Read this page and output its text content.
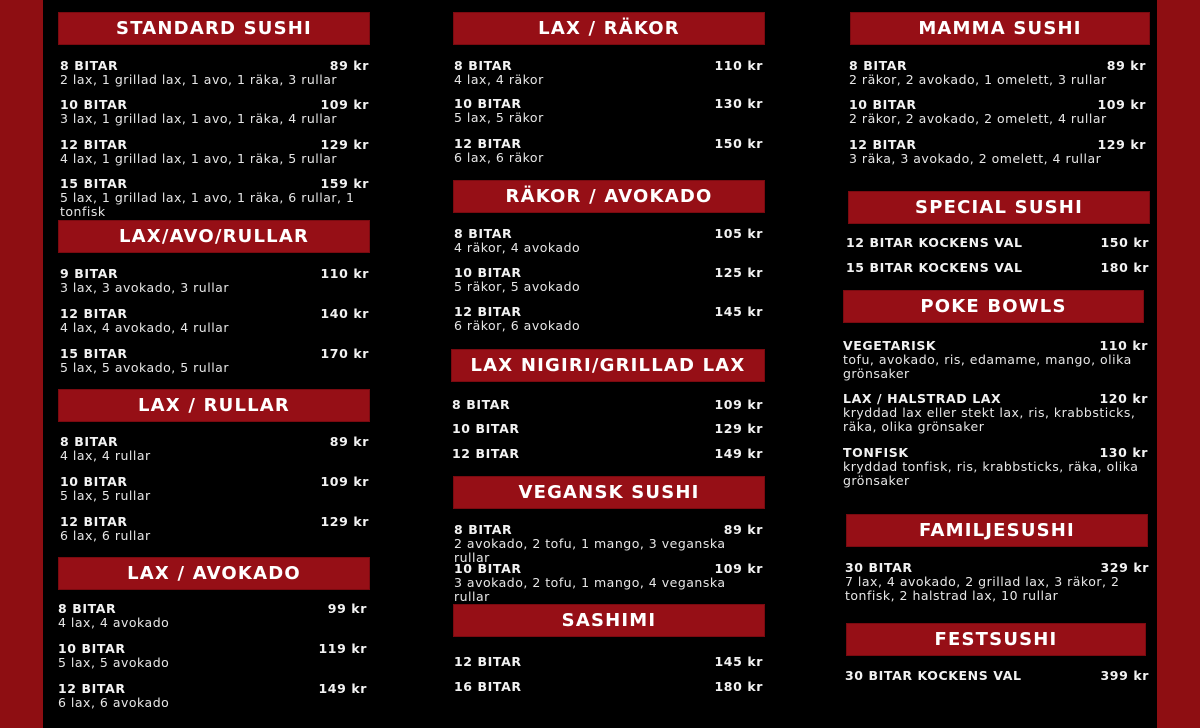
STANDARD SUSHI
8 BITAR	89 kr
2 lax, 1 grillad lax, 1 avo, 1 räka, 3 rullar
10 BITAR	109 kr
3 lax, 1 grillad lax, 1 avo, 1 räka, 4 rullar
12 BITAR	129 kr
4 lax, 1 grillad lax, 1 avo, 1 räka, 5 rullar
15 BITAR	159 kr
5 lax, 1 grillad lax, 1 avo, 1 räka, 6 rullar, 1 tonfisk
LAX/AVO/RULLAR
9 BITAR	110 kr
3 lax, 3 avokado, 3 rullar
12 BITAR	140 kr
4 lax, 4 avokado, 4 rullar
15 BITAR	170 kr
5 lax, 5 avokado, 5 rullar
LAX / RULLAR
8 BITAR	89 kr
4 lax, 4 rullar
10 BITAR	109 kr
5 lax, 5 rullar
12 BITAR	129 kr
6 lax, 6 rullar
LAX / AVOKADO
8 BITAR	99 kr
4 lax, 4 avokado
10 BITAR	119 kr
5 lax, 5 avokado
12 BITAR	149 kr
6 lax, 6 avokado
LAX / RÄKOR
8 BITAR	110 kr
4 lax, 4 räkor
10 BITAR	130 kr
5 lax, 5 räkor
12 BITAR	150 kr
6 lax, 6 räkor
RÄKOR / AVOKADO
8 BITAR	105 kr
4 räkor, 4 avokado
10 BITAR	125 kr
5 räkor, 5 avokado
12 BITAR	145 kr
6 räkor, 6 avokado
LAX NIGIRI/GRILLAD LAX
8 BITAR	109 kr
10 BITAR	129 kr
12 BITAR	149 kr
VEGANSK SUSHI
8 BITAR	89 kr
2 avokado, 2 tofu, 1 mango, 3 veganska rullar
10 BITAR	109 kr
3 avokado, 2 tofu, 1 mango, 4 veganska rullar
SASHIMI
12 BITAR	145 kr
16 BITAR	180 kr
MAMMA SUSHI
8 BITAR	89 kr
2 räkor, 2 avokado, 1 omelett, 3 rullar
10 BITAR	109 kr
2 räkor, 2 avokado, 2 omelett, 4 rullar
12 BITAR	129 kr
3 räka, 3 avokado, 2 omelett, 4 rullar
SPECIAL SUSHI
12 BITAR KOCKENS VAL	150 kr
15 BITAR KOCKENS VAL	180 kr
POKE BOWLS
VEGETARISK	110 kr
tofu, avokado, ris, edamame, mango, olika grönsaker
LAX / HALSTRAD LAX	120 kr
kryddad lax eller stekt lax, ris, krabbsticks, räka, olika grönsaker
TONFISK	130 kr
kryddad tonfisk, ris, krabbsticks, räka, olika grönsaker
FAMILJESUSHI
30 BITAR	329 kr
7 lax, 4 avokado, 2 grillad lax, 3 räkor, 2 tonfisk, 2 halstrad lax, 10 rullar
FESTSUSHI
30 BITAR KOCKENS VAL	399 kr
